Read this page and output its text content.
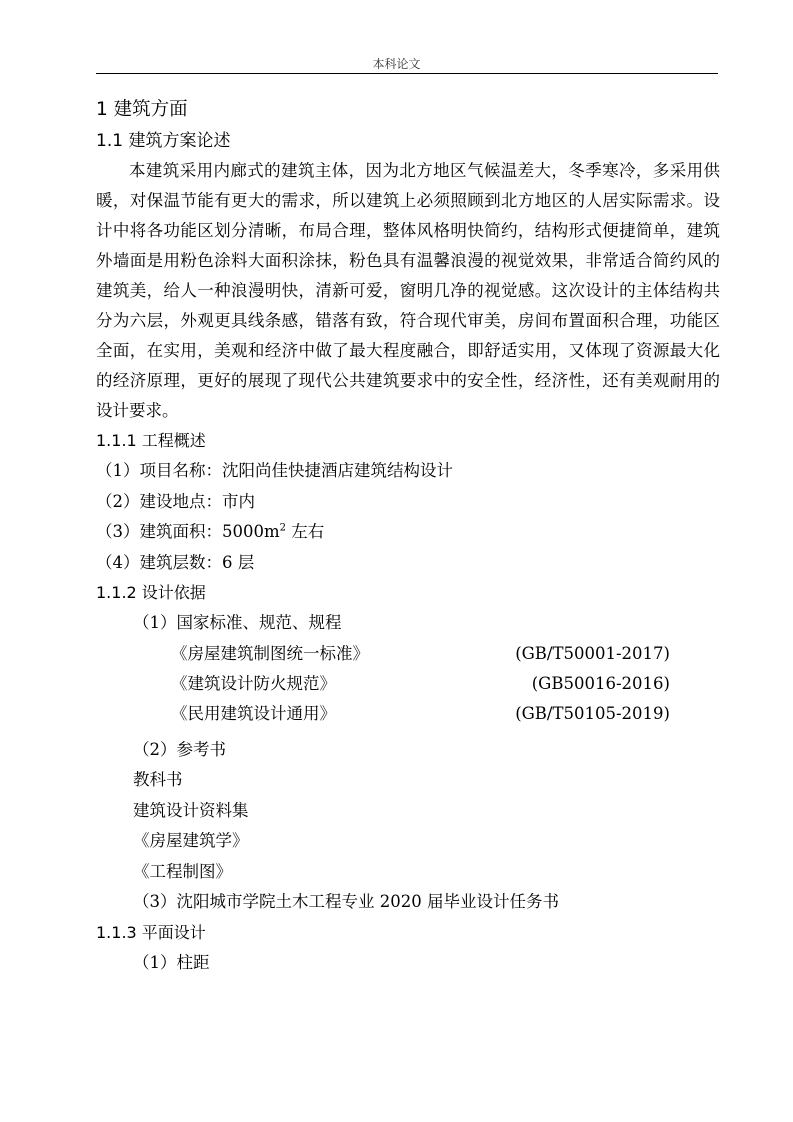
本科论文
1 建筑方面
1.1 建筑方案论述

本建筑采用内廊式的建筑主体，因为北方地区气候温差大，冬季寒冷，多采用供暖，对保温节能有更大的需求，所以建筑上必须照顾到北方地区的人居实际需求。设计中将各功能区划分清晰，布局合理，整体风格明快简约，结构形式便捷简单，建筑外墙面是用粉色涂料大面积涂抹，粉色具有温馨浪漫的视觉效果，非常适合简约风的建筑美，给人一种浪漫明快，清新可爱，窗明几净的视觉感。这次设计的主体结构共分为六层，外观更具线条感，错落有致，符合现代审美，房间布置面积合理，功能区全面，在实用，美观和经济中做了最大程度融合，即舒适实用，又体现了资源最大化的经济原理，更好的展现了现代公共建筑要求中的安全性，经济性，还有美观耐用的设计要求。

1.1.1 工程概述
（1）项目名称：沈阳尚佳快捷酒店建筑结构设计
（2）建设地点：市内
（3）建筑面积：$5000m^2$ 左右
（4）建筑层数：6 层
1.1.2 设计依据
（1）国家标准、规范、规程
《房屋建筑制图统一标准》	(GB/T50001-2017)
《建筑设计防火规范》	(GB50016-2016)
《民用建筑设计通用》	(GB/T50105-2019)
（2）参考书
教科书
建筑设计资料集
《房屋建筑学》
《工程制图》
（3）沈阳城市学院土木工程专业 2020 届毕业设计任务书
1.1.3 平面设计
（1）柱距
